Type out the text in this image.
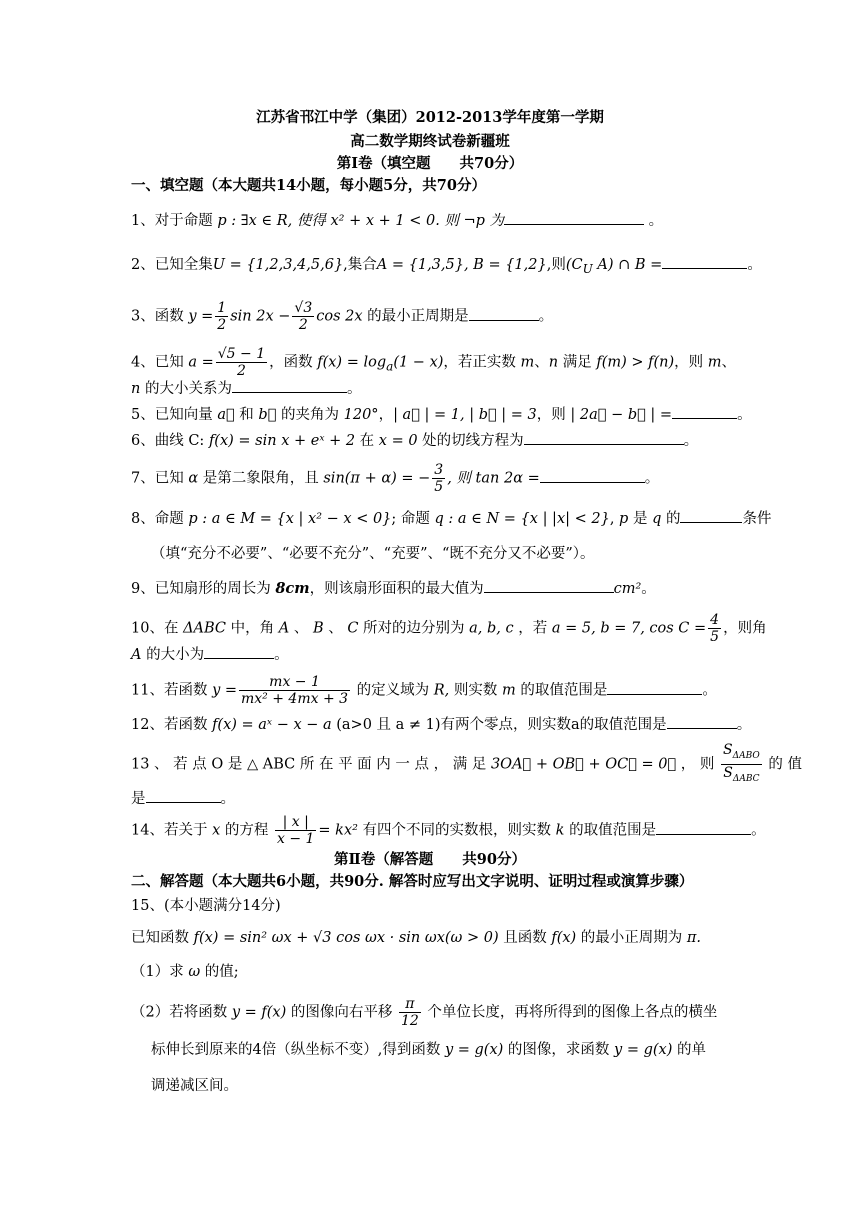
江苏省邗江中学（集团）2012-2013学年度第一学期
高二数学期终试卷新疆班
第Ⅰ卷（填空题　　共70分）
一、填空题（本大题共14小题，每小题5分，共70分）
1、对于命题 p : ∃x ∈ R, 使得 x² + x + 1 < 0. 则 ¬p 为	。
2、已知全集U = {1,2,3,4,5,6},集合A = {1,3,5}, B = {1,2},则($C_U$ A) ∩ B =	。
3、函数 $y = \frac{1}{2}$ $\sin 2x - \frac{√3}{2}$ cos 2x 的最小正周期是	。
4、已知 $a = \frac{√5 - 1}{2}$ ，函数 $f(x) = \log_a(1 - x)$，若正实数 m、n 满足 f(m) > f(n)，则 m、
n 的大小关系为	。
5、已知向量 a⃗ 和 b⃗ 的夹角为 120°，| a⃗ | = 1, | b⃗ | = 3，则 | 2a⃗ − b⃗ | =	。
6、曲线 C: f(x) = sin x + eˣ + 2 在 x = 0 处的切线方程为	。
7、已知 α 是第二象限角，且 sin(π + α) = − $\frac{3}{5}$ , 则 tan 2α =	。
8、命题 p : a ∈ M = {x | x² − x < 0}; 命题 q : a ∈ N = {x | |x| < 2}, p 是 q 的	条件
（填“充分不必要”、“必要不充分”、“充要”、“既不充分又不必要”）。
9、已知扇形的周长为 8cm，则该扇形面积的最大值为	cm²。
10、在 ΔABC 中，角 A 、 B 、 C 所对的边分别为 a, b, c ，若 a = 5, b = 7, $\cos C = \frac{4}{5}$ ，则角
A 的大小为	。
11、若函数 $y = \frac{mx - 1}{\text{mx² + 4mx + 3}}$ 的定义域为 R, 则实数 m 的取值范围是	。
12、若函数 f(x) = aˣ − x − a (a>0 且 a ≠ 1)有两个零点，则实数a的取值范围是	。
13 、 若 点 O 是 △ ABC 所 在 平 面 内 一 点 ， 满 足 3OA⃗ + OB⃗ + OC⃗ = 0⃗ ， 则 $\frac{S_{\Delta ABO}}{S_{\Delta ABC}}$ 的 值
是	。
14、若关于 x 的方程 $\frac{| x |}{x - 1} = kx^2$ 有四个不同的实数根，则实数 k 的取值范围是	。
第Ⅱ卷（解答题　　共90分）
二、解答题（本大题共6小题，共90分. 解答时应写出文字说明、证明过程或演算步骤）
15、(本小题满分14分)
已知函数 f(x) = sin² ωx + √3 cos ωx · sin ωx(ω > 0) 且函数 f(x) 的最小正周期为 π.
（1）求 ω 的值;
（2）若将函数 y = f(x) 的图像向右平移 $\frac{\pi}{12}$ 个单位长度，再将所得到的图像上各点的横坐
标伸长到原来的4倍（纵坐标不变）,得到函数 y = g(x) 的图像，求函数 y = g(x) 的单
调递减区间。
